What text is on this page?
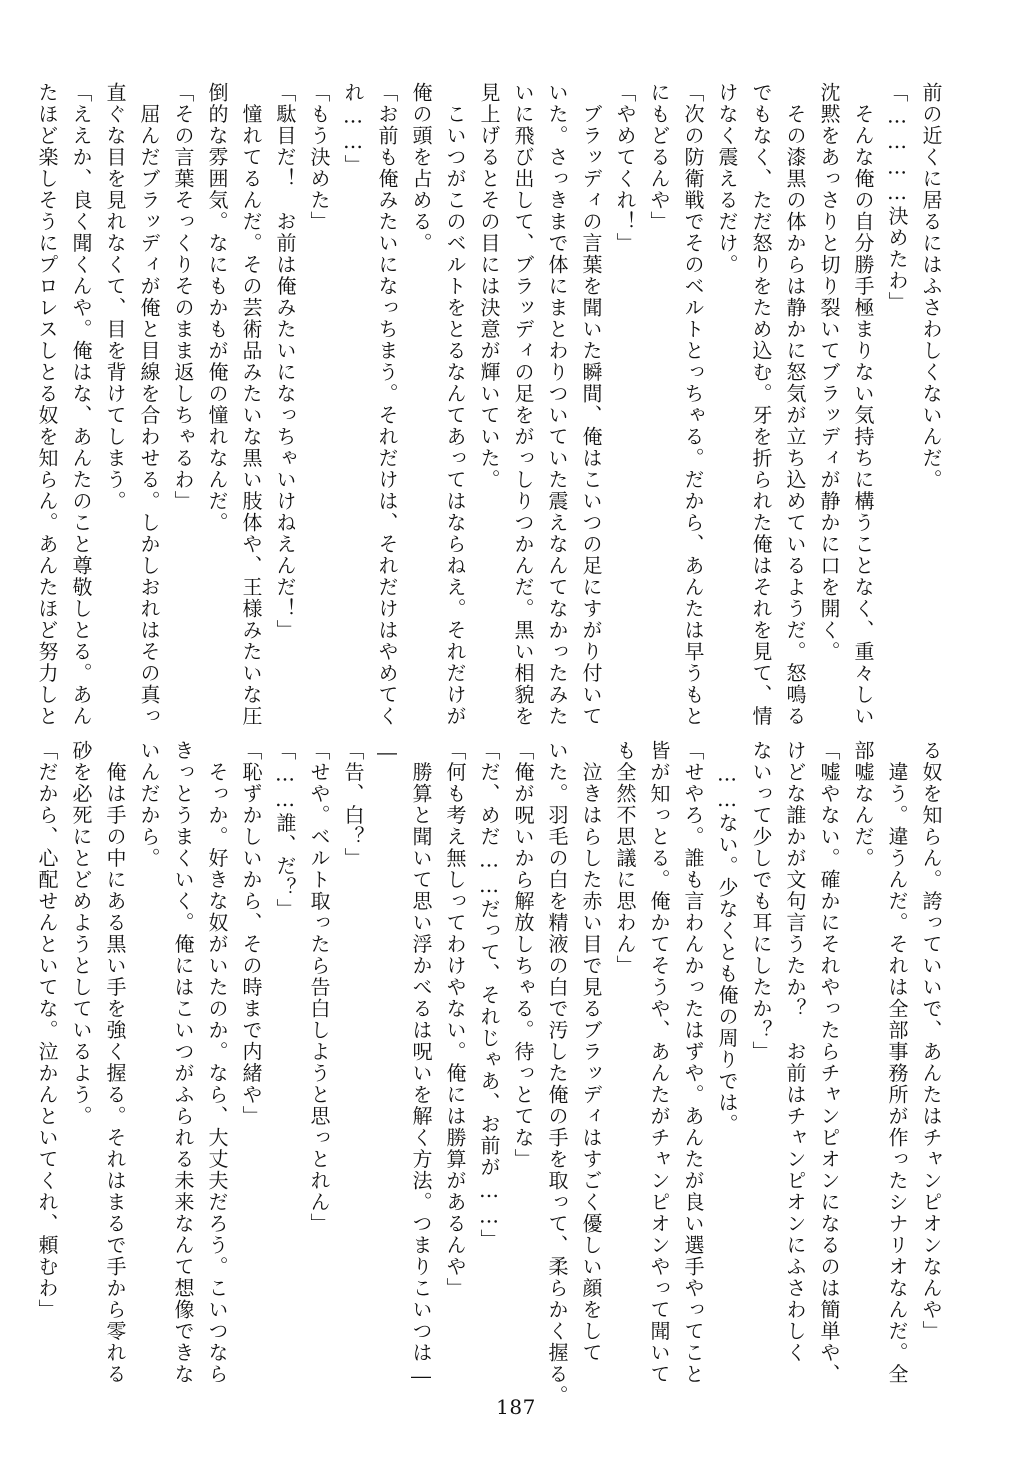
前の近くに居るにはふさわしくないんだ。
「…………決めたわ」
　そんな俺の自分勝手極まりない気持ちに構うことなく、重々しい
沈黙をあっさりと切り裂いてブラッディが静かに口を開く。
　その漆黒の体からは静かに怒気が立ち込めているようだ。怒鳴る
でもなく、ただ怒りをため込む。牙を折られた俺はそれを見て、情
けなく震えるだけ。
「次の防衛戦でそのベルトとっちゃる。だから、あんたは早うもと
にもどるんや」
「やめてくれ！」
　ブラッディの言葉を聞いた瞬間、俺はこいつの足にすがり付いて
いた。さっきまで体にまとわりついていた震えなんてなかったみた
いに飛び出して、ブラッディの足をがっしりつかんだ。黒い相貌を
見上げるとその目には決意が輝いていた。
　こいつがこのベルトをとるなんてあってはならねえ。それだけが
俺の頭を占める。
「お前も俺みたいになっちまう。それだけは、それだけはやめてく
れ……」
「もう決めた」
「駄目だ！　お前は俺みたいになっちゃいけねえんだ！」
　憧れてるんだ。その芸術品みたいな黒い肢体や、王様みたいな圧
倒的な雰囲気。なにもかもが俺の憧れなんだ。
「その言葉そっくりそのまま返しちゃるわ」
　屈んだブラッディが俺と目線を合わせる。しかしおれはその真っ
直ぐな目を見れなくて、目を背けてしまう。
「ええか、良く聞くんや。俺はな、あんたのこと尊敬しとる。あん
たほど楽しそうにプロレスしとる奴を知らん。あんたほど努力しと
る奴を知らん。誇っていいで、あんたはチャンピオンなんや」
　違う。違うんだ。それは全部事務所が作ったシナリオなんだ。全
部嘘なんだ。
「嘘やない。確かにそれやったらチャンピオンになるのは簡単や、
けどな誰かが文句言うたか？　お前はチャンピオンにふさわしく
ないって少しでも耳にしたか？」
　……ない。少なくとも俺の周りでは。
「せやろ。誰も言わんかったはずや。あんたが良い選手やってこと
皆が知っとる。俺かてそうや、あんたがチャンピオンやって聞いて
も全然不思議に思わん」
　泣きはらした赤い目で見るブラッディはすごく優しい顔をして
いた。羽毛の白を精液の白で汚した俺の手を取って、柔らかく握る。
「俺が呪いから解放しちゃる。待っとてな」
「だ、めだ……だって、それじゃあ、お前が……」
「何も考え無しってわけやない。俺には勝算があるんや」
　勝算と聞いて思い浮かべるは呪いを解く方法。つまりこいつは―
―
「告、白？」
「せや。ベルト取ったら告白しようと思っとれん」
「……誰、だ？」
「恥ずかしいから、その時まで内緒や」
　そっか。好きな奴がいたのか。なら、大丈夫だろう。こいつなら
きっとうまくいく。俺にはこいつがふられる未来なんて想像できな
いんだから。
　俺は手の中にある黒い手を強く握る。それはまるで手から零れる
砂を必死にとどめようとしているよう。
「だから、心配せんといてな。泣かんといてくれ、頼むわ」
187
